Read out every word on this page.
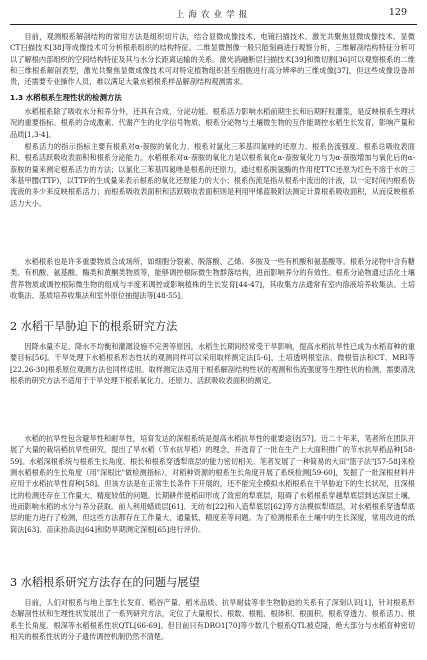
上海农业学报	129

目前，观测根系解剖结构的常用方法是组织切片法，结合显微成像技术、电镜扫描技术、激光共聚焦显微成像技术、显微CT扫描技术[38]等成像技术可分析根系组织的结构特征。二维显微图像一般只能刻画进行观察分析，三维解剖结构特征分析可以了解根内部组织的空间结构特征及其与水分长距离运输的关系。激光消融断层扫描技术[39]和微切割[36]可以观察根系的二维和三维根系解剖表型，激光共聚焦显微成像技术可对特定植物组织甚至细胞进行高分辨率的三维成像[37]，但这些成像设备昂贵，还需要专业操作人员，难以满足大量水稻根系样品解剖结构观测需求。

1.3 水稻根系生理性状的检测方法

水稻根系除了吸收水分和养分外，还具有合成、分泌功能。根系活力影响水稻前期生长和后期籽粒灌浆，是反映根系生理状况的重要指标。根系的合成激素、代谢产生的化学信号物质、根系分泌物与土壤微生物的互作能调控水稻生长发育，影响产量和品质[1,3-4]。

根系活力的指示指标主要有根系对α-萘胺的氧化力、根系对氯化三苯基四氮唑的还原力、根系伤流强度、根系总吸收表面积、根系活跃吸收表面积和根系分泌能力。水稻根系对α-萘胺的氧化力是以根系氧化α-萘胺氧化力与为α-萘胺增加与氧化后的α-萘胺的量来测定根系活力的方法；以氯化三苯基四氮唑是根系的还原力，通过根系脱氢酶的作用使TTC还原为红色不溶于水的三苯基甲䐶(TTF)，以TTF的生成量来表示根系的氧化还原能力的大小；根系伤流是指从根系中流出的汁液，以一定时间内根系伤流液的多少来反映根系活力；而根系吸收表面积和活跃吸收表面积则是利用甲烯蓝吸附法测定计算根系吸收面积，从而反映根系活力大小。

水稻根系也是许多重要物质合成场所，如细胞分裂素、脱落酸、乙烯、多胺及一些有机酸和氨基酸等。根系分泌物中含有糖类、有机酸、氨基酸、酶类和黄酮类物质等，能够调控根际微生物群落结构，进而影响养分的有效性。根系分泌物通过活化土壤营养物质或调控根际微生物的组成与丰度来调控或影响植株的生长发育[44-47]，其收集方法通常有室内溶液培养收集法、土培收集法、基质培养收集法和室外原位抽提法等[48-55]。

2 水稻干旱胁迫下的根系研究方法

因降水量不足、降水不均衡和灌溉设施不完善等原因，水稻生长期间经常受干旱影响，提高水稻抗旱性已成为水稻育种的重要目标[56]。干旱处理下水稻根系形态性状的观测同样可以采用取样测定法[5-6]，土培透明根室法、微根管法和CT、MRI等[22,26-30]根系原位观测方法也同样适用。取样测定法适用于根系解剖结构性状的观测和伤流强度等生理性状的检测，需要清洗根系的研究方法不适用于干旱处理下根系氧化力、还原力、活跃吸收表面积的测定。

水稻的抗旱性包含避旱性和耐旱性，培育发达的深根系统是提高水稻抗旱性的重要途径[57]。近二十年来，笔者所在团队开展了大量的栽培稻抗旱性研究，提出了旱水稻（节水抗旱稻）的理念，并选育了一批在生产上大面积推广的节水抗旱稻品种[58-59]。水稻深根系统与根系生长角度、根长和根系穿透犁底层的能力密切相关。笔者发展了一种简易的大田"篮子法"[57-58]来检测水稻根系的生长角度（用"深根比"做检测指标），对稻种资源的根系生长角度开展了系统检测[59-60]，发掘了一批深根材料并应用于水稻抗旱性育种[58]。但该方法是在正常生长条件下开展的，还不能完全模拟水稻根系在干旱胁迫下的生长状况，且深根比的检测还存在工作量大、精度较低的问题。长期耕作使稻田形成了致密的犁底层，阻碍了水稻根系穿越犁底层到达深层土壤，进而影响水稻的水分与养分获取。前人利用蜡质层[61]、无纺布[22]和人造犁底层[62]等方法模拟犁底层，对水稻根系穿透犁底层的能力进行了检测，但这些方法都存在工作量大、通量低、精度差等问题。为了检测根系在土壤中的生长深度，常用改进的纸筒法[63]、苗床抬高法[64]和防旱期测定深根[65]进行评价。

3 水稻根系研究方法存在的问题与展望

目前，人们对根系与地上部生长发育、稻谷产量、稻米品质、抗旱耐盐等非生物胁迫的关系有了深刻认识[1]，针对根系形态解剖性状和生理性状发展出了一系列研究方法，定位了大量根长、根数、根粗、根体积、根面积、根系穿透力、根系活力、根系生长角度、根深等水稻根系性状QTL[66-69]。但目前只有DRO1[70]等少数几个根系QTL被克隆，绝大部分与水稻育种密切相关的根系性状的分子遗传调控机制仍然不清楚。
